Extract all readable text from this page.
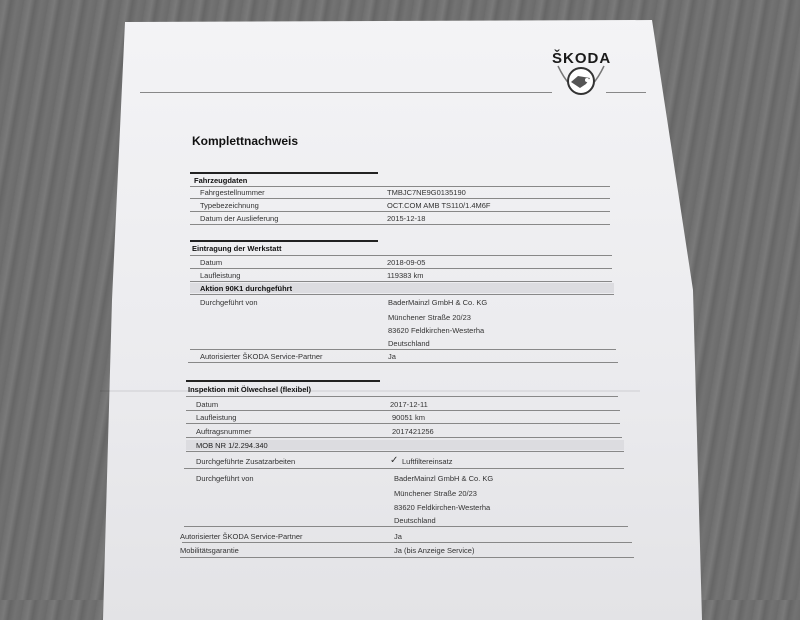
ŠKODA
Komplettnachweis
Fahrzeugdaten
Fahrgestellnummer	TMBJC7NE9G0135190
Typebezeichnung	OCT.COM AMB TS110/1.4M6F
Datum der Auslieferung	2015-12-18
Eintragung der Werkstatt
Datum	2018-09-05
Laufleistung	119383 km
Aktion 90K1 durchgeführt
Durchgeführt von	BaderMainzl GmbH & Co. KG
Münchener Straße 20/23
83620 Feldkirchen-Westerha
Deutschland
Autorisierter ŠKODA Service-Partner	Ja
Inspektion mit Ölwechsel (flexibel)
Datum	2017-12-11
Laufleistung	90051 km
Auftragsnummer	2017421256
MOB NR 1/2.294.340
Durchgeführte Zusatzarbeiten	✓ Luftfiltereinsatz
Durchgeführt von	BaderMainzl GmbH & Co. KG
Münchener Straße 20/23
83620 Feldkirchen-Westerha
Deutschland
Autorisierter ŠKODA Service-Partner	Ja
Mobilitätsgarantie	Ja (bis Anzeige Service)
